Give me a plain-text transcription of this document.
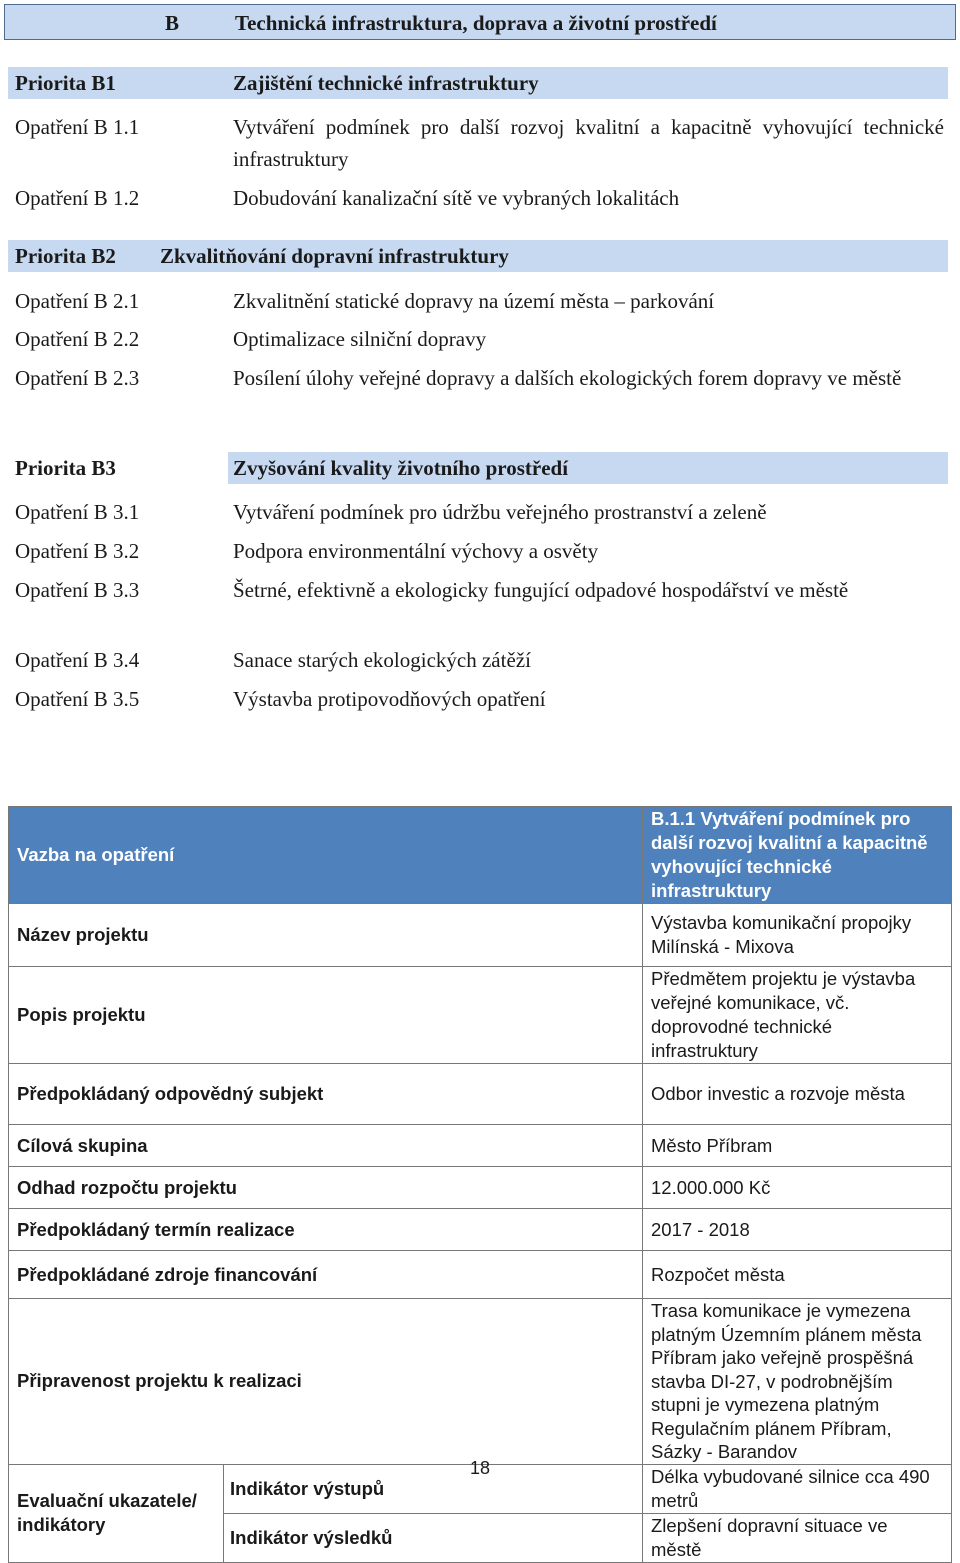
B	Technická infrastruktura, doprava a životní prostředí
Priorita B1	Zajištění technické infrastruktury
Opatření B 1.1	Vytváření podmínek pro další rozvoj kvalitní a kapacitně vyhovující technické infrastruktury
Opatření B 1.2	Dobudování kanalizační sítě ve vybraných lokalitách
Priorita B2 Zkvalitňování dopravní infrastruktury
Opatření B 2.1	Zkvalitnění statické dopravy na území města – parkování
Opatření B 2.2	Optimalizace silniční dopravy
Opatření B 2.3	Posílení úlohy veřejné dopravy a dalších ekologických forem dopravy ve městě
Priorita B3	Zvyšování kvality životního prostředí
Opatření B 3.1	Vytváření podmínek pro údržbu veřejného prostranství a zeleně
Opatření B 3.2	Podpora environmentální výchovy a osvěty
Opatření B 3.3	Šetrné, efektivně a ekologicky fungující odpadové hospodářství ve městě
Opatření B 3.4	Sanace starých ekologických zátěží
Opatření B 3.5	Výstavba protipovodňových opatření
Vazba na opatření		B.1.1 Vytváření podmínek pro další rozvoj kvalitní a kapacitně vyhovující technické infrastruktury
Název projektu		Výstavba komunikační propojky Milínská - Mixova
Popis projektu		Předmětem projektu je výstavba veřejné komunikace, vč. doprovodné technické infrastruktury
Předpokládaný odpovědný subjekt		Odbor investic a rozvoje města
Cílová skupina		Město Příbram
Odhad rozpočtu projektu		12.000.000 Kč
Předpokládaný termín realizace		2017 - 2018
Předpokládané zdroje financování		Rozpočet města
Připravenost projektu k realizaci		Trasa komunikace je vymezena platným Územním plánem města Příbram jako veřejně prospěšná stavba DI-27, v podrobnějším stupni je vymezena platným Regulačním plánem Příbram, Sázky - Barandov
Evaluační ukazatele/ indikátory	Indikátor výstupů	Délka vybudované silnice cca 490 metrů
	Indikátor výsledků	Zlepšení dopravní situace ve městě
18
